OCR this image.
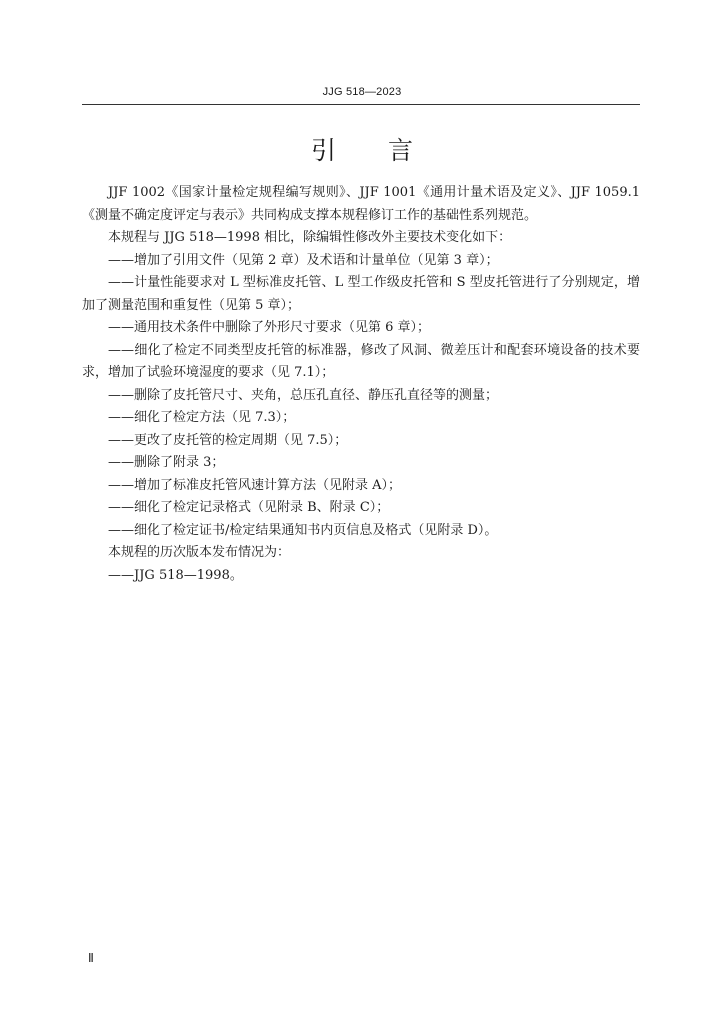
JJG 518—2023
引 言

JJF 1002《国家计量检定规程编写规则》、JJF 1001《通用计量术语及定义》、JJF 1059.1《测量不确定度评定与表示》共同构成支撑本规程修订工作的基础性系列规范。

本规程与 JJG 518—1998 相比，除编辑性修改外主要技术变化如下：

——增加了引用文件（见第 2 章）及术语和计量单位（见第 3 章）；

——计量性能要求对 L 型标准皮托管、L 型工作级皮托管和 S 型皮托管进行了分别规定，增加了测量范围和重复性（见第 5 章）；

——通用技术条件中删除了外形尺寸要求（见第 6 章）；

——细化了检定不同类型皮托管的标准器，修改了风洞、微差压计和配套环境设备的技术要求，增加了试验环境湿度的要求（见 7.1）；

——删除了皮托管尺寸、夹角，总压孔直径、静压孔直径等的测量；

——细化了检定方法（见 7.3）；

——更改了皮托管的检定周期（见 7.5）；

——删除了附录 3；

——增加了标准皮托管风速计算方法（见附录 A）；

——细化了检定记录格式（见附录 B、附录 C）；

——细化了检定证书/检定结果通知书内页信息及格式（见附录 D）。

本规程的历次版本发布情况为：

——JJG 518—1998。

Ⅱ
